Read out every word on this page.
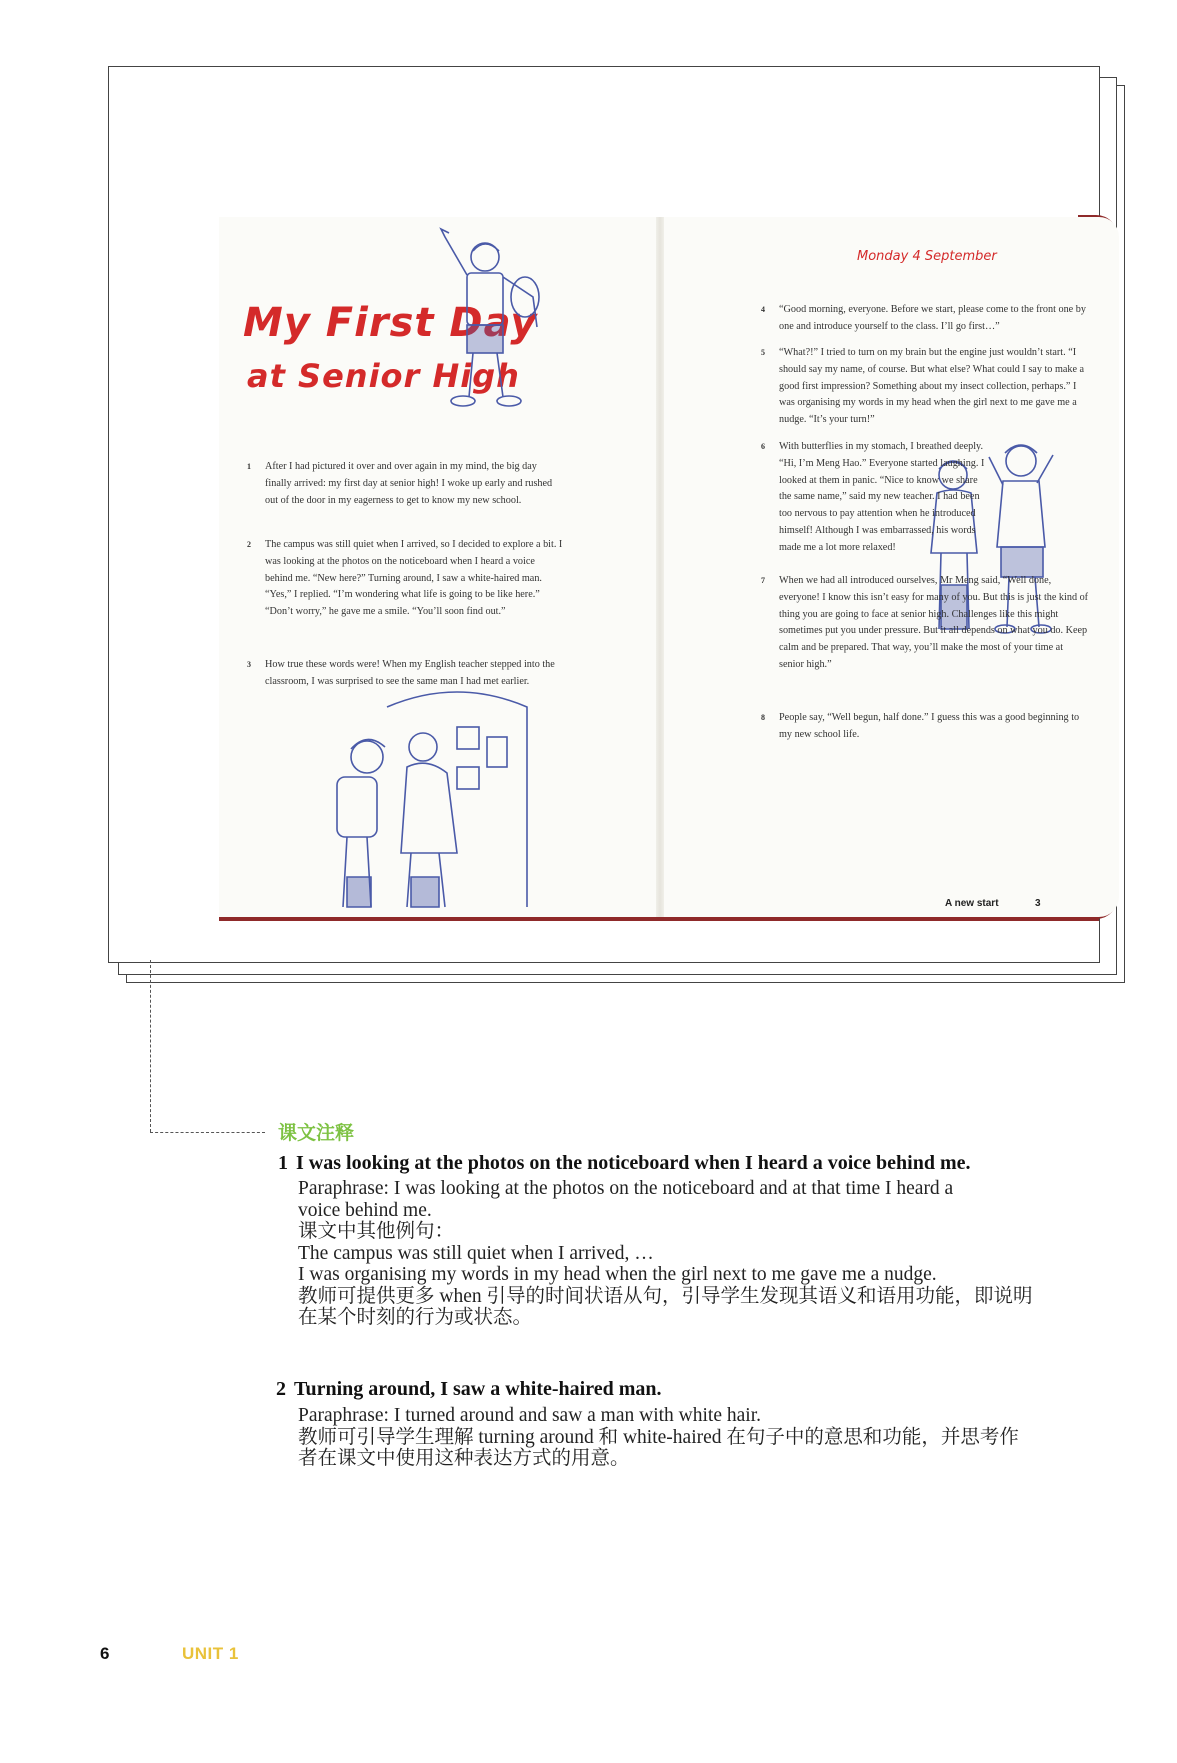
My First Day
at Senior High
Monday 4 September
1 After I had pictured it over and over again in my mind, the big day finally arrived: my first day at senior high! I woke up early and rushed out of the door in my eagerness to get to know my new school.
2 The campus was still quiet when I arrived, so I decided to explore a bit. I was looking at the photos on the noticeboard when I heard a voice behind me. “New here?” Turning around, I saw a white-haired man. “Yes,” I replied. “I’m wondering what life is going to be like here.” “Don’t worry,” he gave me a smile. “You’ll soon find out.”
3 How true these words were! When my English teacher stepped into the classroom, I was surprised to see the same man I had met earlier.
4 “Good morning, everyone. Before we start, please come to the front one by one and introduce yourself to the class. I’ll go first…”
5 “What?!” I tried to turn on my brain but the engine just wouldn’t start. “I should say my name, of course. But what else? What could I say to make a good first impression? Something about my insect collection, perhaps.” I was organising my words in my head when the girl next to me gave me a nudge. “It’s your turn!”
6 With butterflies in my stomach, I breathed deeply. “Hi, I’m Meng Hao.” Everyone started laughing. I looked at them in panic. “Nice to know we share the same name,” said my new teacher. I had been too nervous to pay attention when he introduced himself! Although I was embarrassed, his words made me a lot more relaxed!
7 When we had all introduced ourselves, Mr Meng said, “Well done, everyone! I know this isn’t easy for many of you. But this is just the kind of thing you are going to face at senior high. Challenges like this might sometimes put you under pressure. But it all depends on what you do. Keep calm and be prepared. That way, you’ll make the most of your time at senior high.”
8 People say, “Well begun, half done.” I guess this was a good beginning to my new school life.
A new start	3
课文注释
1 I was looking at the photos on the noticeboard when I heard a voice behind me.
Paraphrase: I was looking at the photos on the noticeboard and at that time I heard a
voice behind me.
课文中其他例句：
The campus was still quiet when I arrived, …
I was organising my words in my head when the girl next to me gave me a nudge.
教师可提供更多 when 引导的时间状语从句，引导学生发现其语义和语用功能，即说明
在某个时刻的行为或状态。
2 Turning around, I saw a white-haired man.
Paraphrase: I turned around and saw a man with white hair.
教师可引导学生理解 turning around 和 white-haired 在句子中的意思和功能，并思考作
者在课文中使用这种表达方式的用意。
6	UNIT 1
